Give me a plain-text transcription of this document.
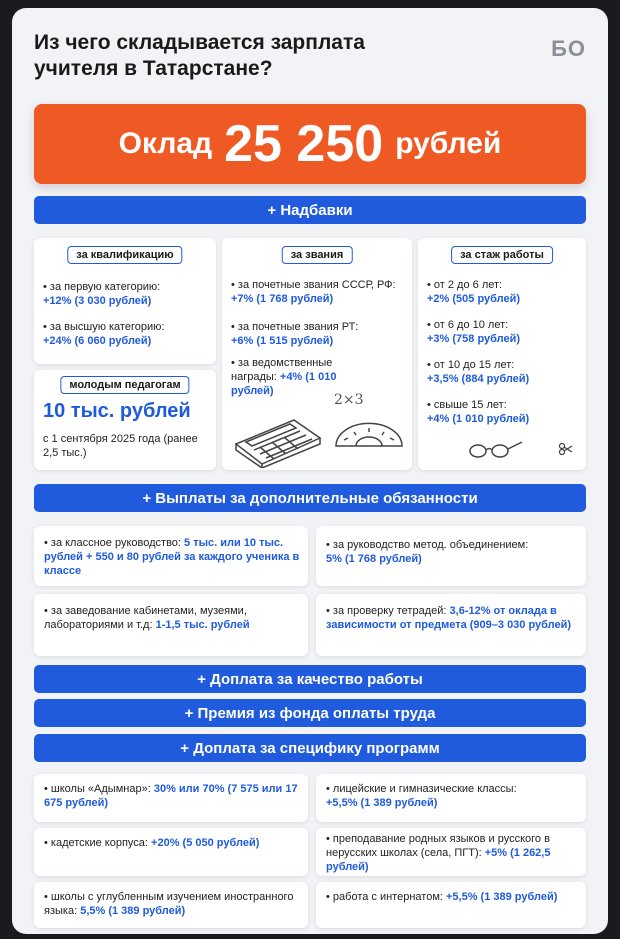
Из чего складывается зарплата учителя в Татарстане?
БО
Оклад 25 250 рублей
+ Надбавки
за квалификацию
• за первую категорию:
+12% (3 030 рублей)
• за высшую категорию:
+24% (6 060 рублей)
молодым педагогам
10 тыс. рублей
с 1 сентября 2025 года (ранее 2,5 тыс.)
за звания
• за почетные звания СССР, РФ: +7% (1 768 рублей)
• за почетные звания РТ:
+6% (1 515 рублей)
• за ведомственные награды: +4% (1 010 рублей)
2×3
за стаж работы
• от 2 до 6 лет:
+2% (505 рублей)
• от 6 до 10 лет:
+3% (758 рублей)
• от 10 до 15 лет:
+3,5% (884 рублей)
• свыше 15 лет:
+4% (1 010 рублей)
+ Выплаты за дополнительные обязанности
• за классное руководство: 5 тыс. или 10 тыс. рублей + 550 и 80 рублей за каждого ученика в классе
• за руководство метод. объединением:
5% (1 768 рублей)
• за заведование кабинетами, музеями, лабораториями и т.д: 1-1,5 тыс. рублей
• за проверку тетрадей: 3,6-12% от оклада в зависимости от предмета (909–3 030 рублей)
+ Доплата за качество работы
+ Премия из фонда оплаты труда
+ Доплата за специфику программ
• школы «Адымнар»: 30% или 70% (7 575 или 17 675 рублей)
• лицейские и гимназические классы:
+5,5% (1 389 рублей)
• кадетские корпуса: +20% (5 050 рублей)	• преподавание родных языков и русского в нерусских школах (села, ПГТ): +5% (1 262,5 рублей)
• школы с углубленным изучением иностранного языка: 5,5% (1 389 рублей)
• работа с интернатом: +5,5% (1 389 рублей)
